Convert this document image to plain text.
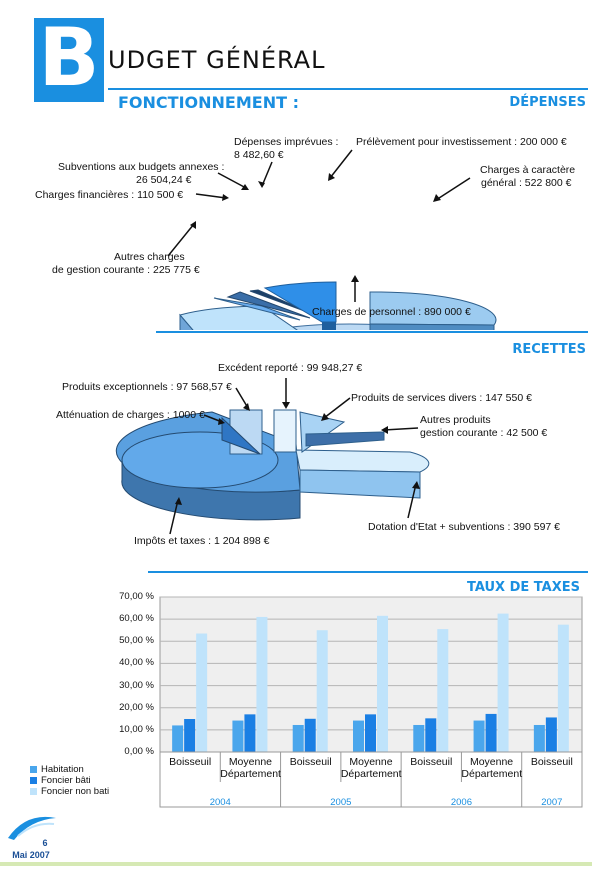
B UDGET GÉNÉRAL
FONCTIONNEMENT :	DÉPENSES
Dépenses imprévues :
8 482,60 €
Prélèvement pour investissement : 200 000 €
Subventions aux budgets annexes :
26 504,24 €
Charges financières : 110 500 €
Charges à caractère
général : 522 800 €
Autres charges
de gestion courante : 225 775 €
Charges de personnel : 890 000 €
RECETTES
Excédent reporté : 99 948,27 €
Produits exceptionnels : 97 568,57 €
Produits de services divers : 147 550 €
Atténuation de charges : 1000 €	Autres produits
gestion courante : 42 500 €
Impôts et taxes : 1 204 898 €
Dotation d'Etat + subventions : 390 597 €
TAUX DE TAXES
0,00 %
10,00 %
20,00 %
30,00 %
40,00 %
50,00 %
60,00 %
70,00 %
Boisseuil	Moyenne
Département
Boisseuil	Moyenne
Département
Boisseuil	Moyenne
Département
Boisseuil
2004	2005	2006	2007
Habitation
Foncier bâti
Foncier non bati
6
Mai 2007
